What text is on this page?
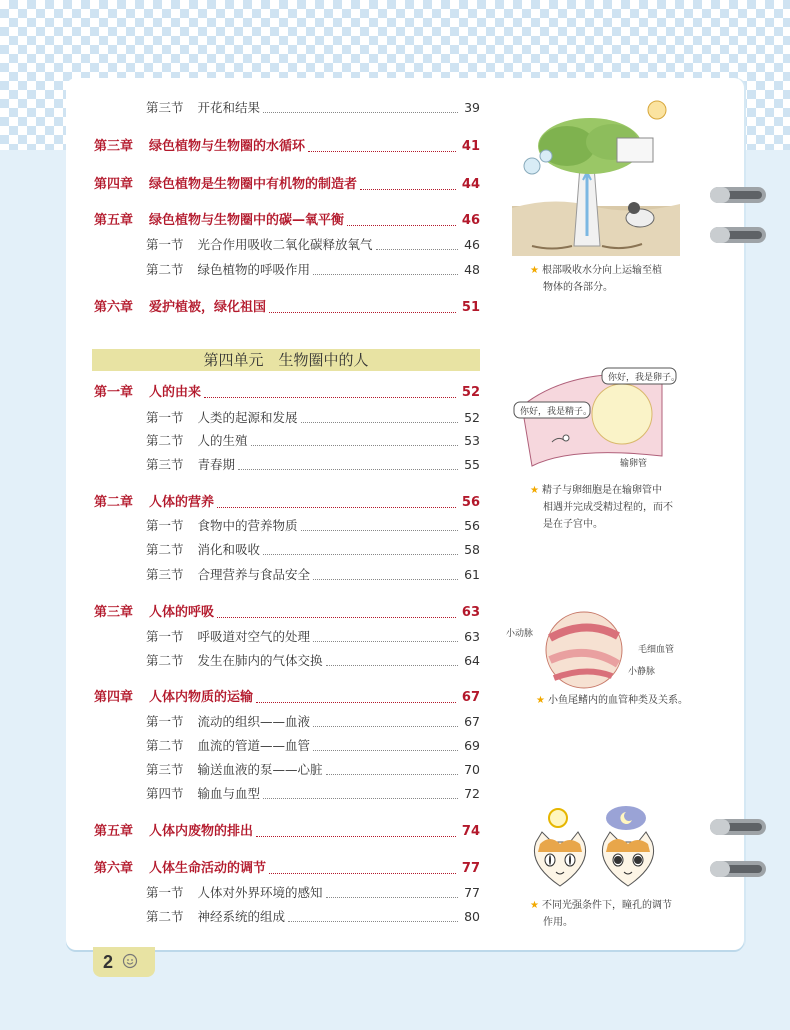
第三节 开花和结果	39
第三章 绿色植物与生物圈的水循环	41
第四章 绿色植物是生物圈中有机物的制造者	44
第五章 绿色植物与生物圈中的碳—氧平衡	46
第一节 光合作用吸收二氧化碳释放氧气	46
第二节 绿色植物的呼吸作用	48
第六章 爱护植被，绿化祖国	51
第四单元　生物圈中的人
第一章 人的由来	52
第一节 人类的起源和发展	52
第二节 人的生殖	53
第三节 青春期	55
第二章 人体的营养	56
第一节 食物中的营养物质	56
第二节 消化和吸收	58
第三节 合理营养与食品安全	61
第三章 人体的呼吸	63
第一节 呼吸道对空气的处理	63
第二节 发生在肺内的气体交换	64
第四章 人体内物质的运输	67
第一节 流动的组织——血液	67
第二节 血流的管道——血管	69
第三节 输送血液的泵——心脏	70
第四节 输血与血型	72
第五章 人体内废物的排出	74
第六章 人体生命活动的调节	77
第一节 人体对外界环境的感知	77
第二节 神经系统的组成	80
你好，我是卵子。
你好，我是精子。
输卵管
小动脉
毛细血管
小静脉
★ 根部吸收水分向上运输至植
物体的各部分。
★ 精子与卵细胞是在输卵管中
相遇并完成受精过程的，而不
是在子宫中。
★ 小鱼尾鳍内的血管种类及关系。
★ 不同光强条件下，瞳孔的调节
作用。
2
